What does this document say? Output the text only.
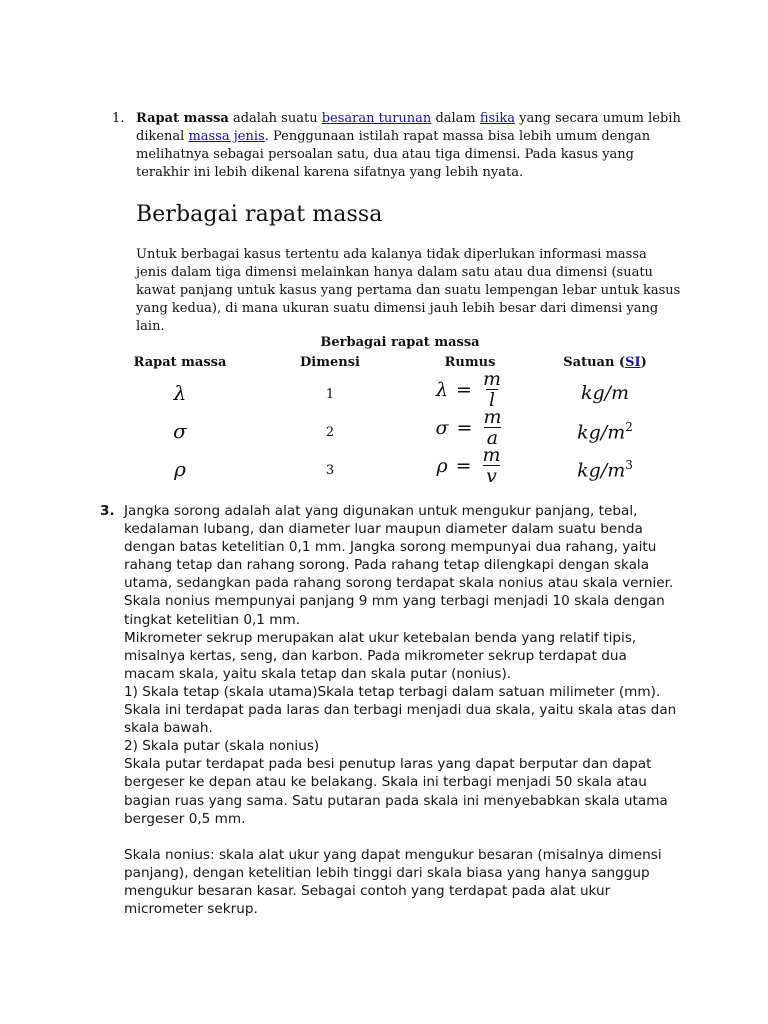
1. Rapat massa adalah suatu besaran turunan dalam fisika yang secara umum lebih dikenal massa jenis. Penggunaan istilah rapat massa bisa lebih umum dengan melihatnya sebagai persoalan satu, dua atau tiga dimensi. Pada kasus yang terakhir ini lebih dikenal karena sifatnya yang lebih nyata.
Berbagai rapat massa

Untuk berbagai kasus tertentu ada kalanya tidak diperlukan informasi massa jenis dalam tiga dimensi melainkan hanya dalam satu atau dua dimensi (suatu kawat panjang untuk kasus yang pertama dan suatu lempengan lebar untuk kasus yang kedua), di mana ukuran suatu dimensi jauh lebih besar dari dimensi yang lain.

Berbagai rapat massa
Rapat massa	Dimensi	Rumus	Satuan (SI)
λ	1	$\lambda = \frac{m}{l}$	kg/m
σ	2	$\sigma = \frac{m}{a}$	$kg/m^2$
ρ	3	$\rho = \frac{m}{v}$	$kg/m^3$
3. Jangka sorong adalah alat yang digunakan untuk mengukur panjang, tebal, kedalaman lubang, dan diameter luar maupun diameter dalam suatu benda dengan batas ketelitian 0,1 mm. Jangka sorong mempunyai dua rahang, yaitu rahang tetap dan rahang sorong. Pada rahang tetap dilengkapi dengan skala utama, sedangkan pada rahang sorong terdapat skala nonius atau skala vernier. Skala nonius mempunyai panjang 9 mm yang terbagi menjadi 10 skala dengan tingkat ketelitian 0,1 mm.

Mikrometer sekrup merupakan alat ukur ketebalan benda yang relatif tipis, misalnya kertas, seng, dan karbon. Pada mikrometer sekrup terdapat dua macam skala, yaitu skala tetap dan skala putar (nonius).

1) Skala tetap (skala utama)Skala tetap terbagi dalam satuan milimeter (mm). Skala ini terdapat pada laras dan terbagi menjadi dua skala, yaitu skala atas dan skala bawah.

2) Skala putar (skala nonius)

Skala putar terdapat pada besi penutup laras yang dapat berputar dan dapat bergeser ke depan atau ke belakang. Skala ini terbagi menjadi 50 skala atau bagian ruas yang sama. Satu putaran pada skala ini menyebabkan skala utama bergeser 0,5 mm.

Skala nonius: skala alat ukur yang dapat mengukur besaran (misalnya dimensi panjang), dengan ketelitian lebih tinggi dari skala biasa yang hanya sanggup mengukur besaran kasar. Sebagai contoh yang terdapat pada alat ukur micrometer sekrup.
